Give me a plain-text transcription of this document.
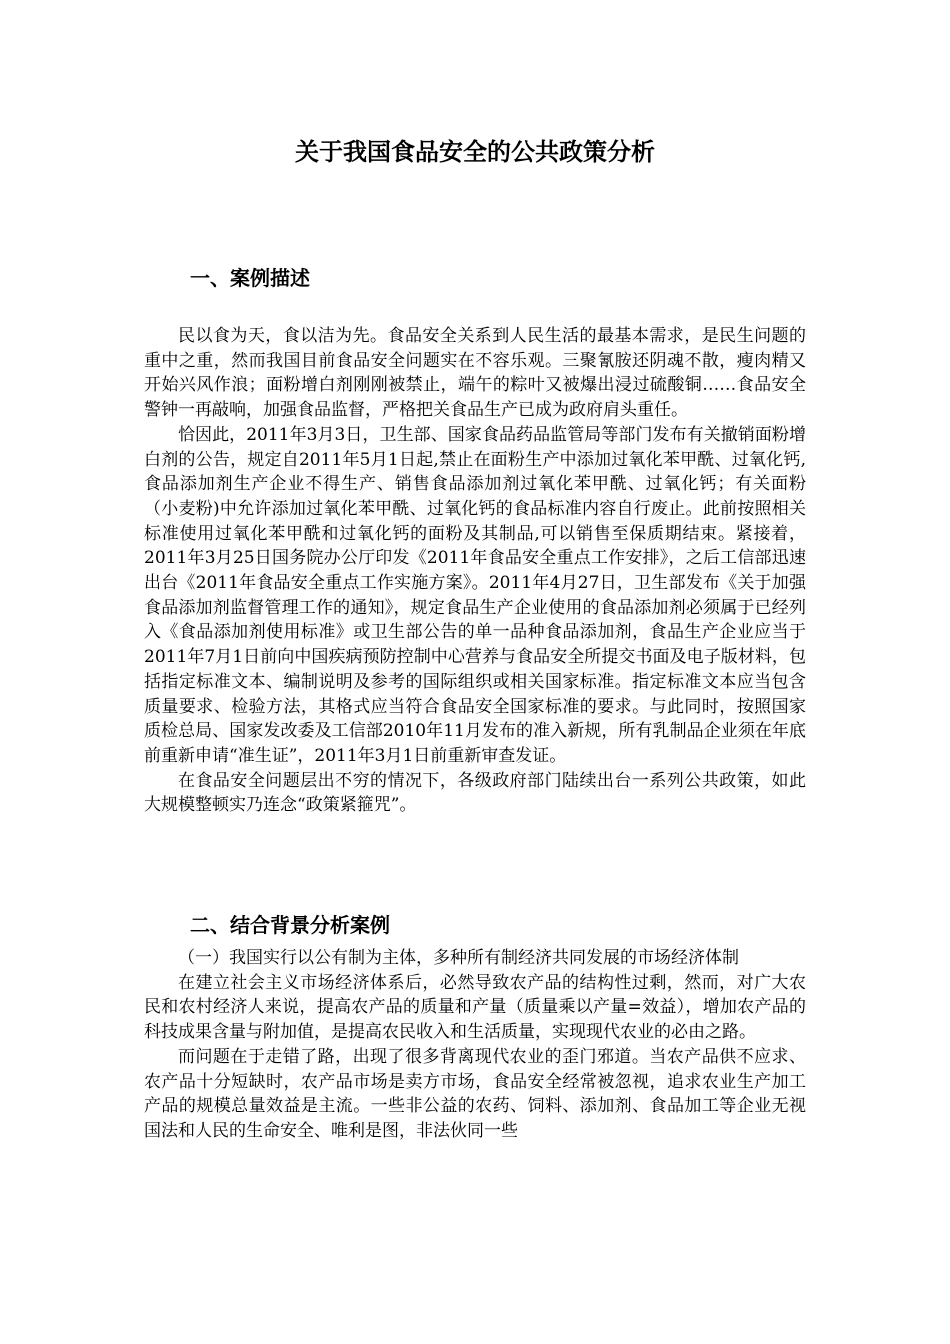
关于我国食品安全的公共政策分析
一、案例描述

民以食为天，食以洁为先。食品安全关系到人民生活的最基本需求，是民生问题的重中之重，然而我国目前食品安全问题实在不容乐观。三聚氰胺还阴魂不散，瘦肉精又开始兴风作浪；面粉增白剂刚刚被禁止，端午的粽叶又被爆出浸过硫酸铜……食品安全警钟一再敲响，加强食品监督，严格把关食品生产已成为政府肩头重任。

恰因此，2011年3月3日，卫生部、国家食品药品监管局等部门发布有关撤销面粉增白剂的公告，规定自2011年5月1日起,禁止在面粉生产中添加过氧化苯甲酰、过氧化钙,食品添加剂生产企业不得生产、销售食品添加剂过氧化苯甲酰、过氧化钙；有关面粉（小麦粉)中允许添加过氧化苯甲酰、过氧化钙的食品标准内容自行废止。此前按照相关标准使用过氧化苯甲酰和过氧化钙的面粉及其制品,可以销售至保质期结束。紧接着，2011年3月25日国务院办公厅印发《2011年食品安全重点工作安排》，之后工信部迅速出台《2011年食品安全重点工作实施方案》。2011年4月27日，卫生部发布《关于加强食品添加剂监督管理工作的通知》，规定食品生产企业使用的食品添加剂必须属于已经列入《食品添加剂使用标准》或卫生部公告的单一品种食品添加剂，食品生产企业应当于2011年7月1日前向中国疾病预防控制中心营养与食品安全所提交书面及电子版材料，包括指定标准文本、编制说明及参考的国际组织或相关国家标准。指定标准文本应当包含质量要求、检验方法，其格式应当符合食品安全国家标准的要求。与此同时，按照国家质检总局、国家发改委及工信部2010年11月发布的准入新规，所有乳制品企业须在年底前重新申请“准生证”，2011年3月1日前重新审查发证。

在食品安全问题层出不穷的情况下，各级政府部门陆续出台一系列公共政策，如此大规模整顿实乃连念“政策紧箍咒”。

二、结合背景分析案例

（一）我国实行以公有制为主体，多种所有制经济共同发展的市场经济体制

在建立社会主义市场经济体系后，必然导致农产品的结构性过剩，然而，对广大农民和农村经济人来说，提高农产品的质量和产量（质量乘以产量=效益），增加农产品的科技成果含量与附加值，是提高农民收入和生活质量，实现现代农业的必由之路。

而问题在于走错了路，出现了很多背离现代农业的歪门邪道。当农产品供不应求、农产品十分短缺时，农产品市场是卖方市场，食品安全经常被忽视，追求农业生产加工产品的规模总量效益是主流。一些非公益的农药、饲料、添加剂、食品加工等企业无视国法和人民的生命安全、唯利是图，非法伙同一些
